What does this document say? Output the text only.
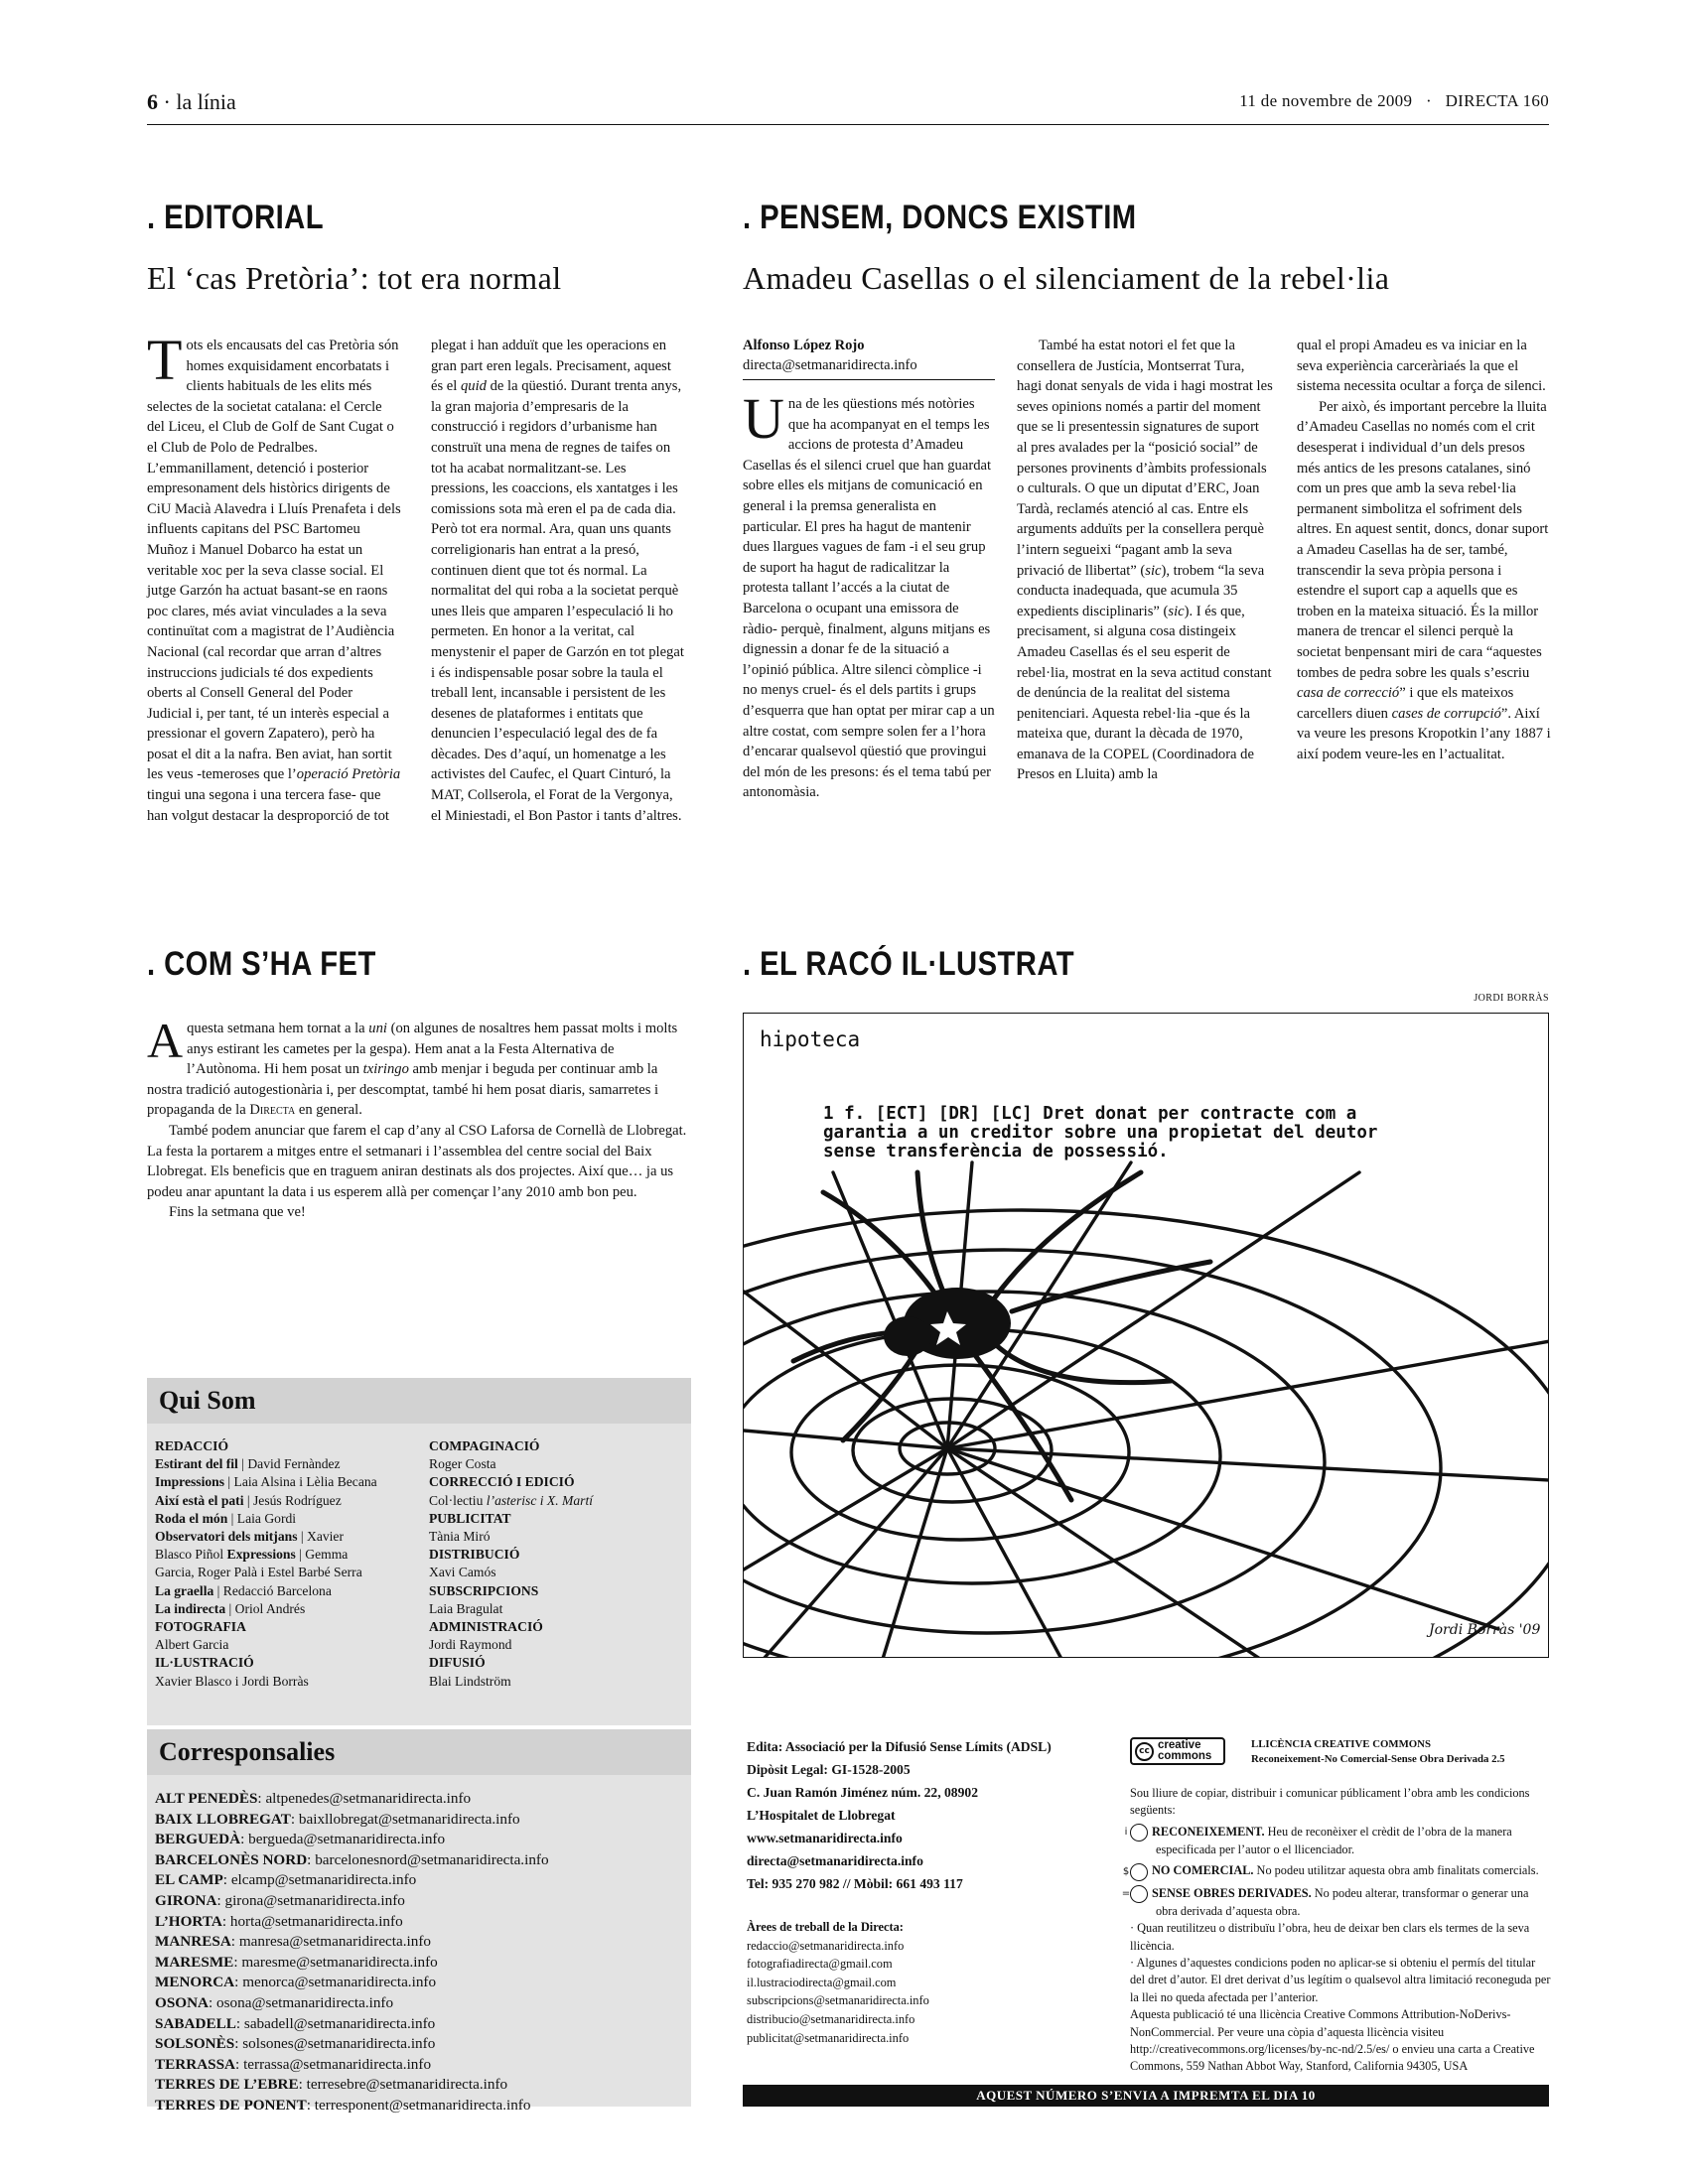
6 · la línia	11 de novembre de 2009 · DIRECTA 160
. EDITORIAL
El ‘cas Pretòria’: tot era normal
Tots els encausats del cas Pretòria són homes exquisidament encorbatats i clients habituals de les elits més selectes de la societat catalana: el Cercle del Liceu, el Club de Golf de Sant Cugat o el Club de Polo de Pedralbes. L’emmanillament, detenció i posterior empresonament dels històrics dirigents de CiU Macià Alavedra i Lluís Prenafeta i dels influents capitans del PSC Bartomeu Muñoz i Manuel Dobarco ha estat un veritable xoc per la seva classe social. El jutge Garzón ha actuat basant-se en raons poc clares, més aviat vinculades a la seva continuïtat com a magistrat de l’Audiència Nacional (cal recordar que arran d’altres instruccions judicials té dos expedients oberts al Consell General del Poder Judicial i, per tant, té un interès especial a pressionar el govern Zapatero), però ha posat el dit a la nafra. Ben aviat, han sortit les veus -temeroses que l’operació Pretòria tingui una segona i una tercera fase- que han volgut destacar la desproporció de tot
plegat i han adduït que les operacions en gran part eren legals. Precisament, aquest és el quid de la qüestió. Durant trenta anys, la gran majoria d’empresaris de la construcció i regidors d’urbanisme han construït una mena de regnes de taifes on tot ha acabat normalitzant-se. Les pressions, les coaccions, els xantatges i les comissions sota mà eren el pa de cada dia. Però tot era normal. Ara, quan uns quants correligionaris han entrat a la presó, continuen dient que tot és normal. La normalitat del qui roba a la societat perquè unes lleis que amparen l’especulació li ho permeten. En honor a la veritat, cal menystenir el paper de Garzón en tot plegat i és indispensable posar sobre la taula el treball lent, incansable i persistent de les desenes de plataformes i entitats que denuncien l’especulació legal des de fa dècades. Des d’aquí, un homenatge a les activistes del Caufec, el Quart Cinturó, la MAT, Collserola, el Forat de la Vergonya, el Miniestadi, el Bon Pastor i tants d’altres.
. PENSEM, DONCS EXISTIM
Amadeu Casellas o el silenciament de la rebel·lia
Alfonso López Rojo
directa@setmanaridirecta.info
Una de les qüestions més notòries que ha acompanyat en el temps les accions de protesta d’Amadeu Casellas és el silenci cruel que han guardat sobre elles els mitjans de comunicació en general i la premsa generalista en particular. El pres ha hagut de mantenir dues llargues vagues de fam -i el seu grup de suport ha hagut de radicalitzar la protesta tallant l’accés a la ciutat de Barcelona o ocupant una emissora de ràdio- perquè, finalment, alguns mitjans es dignessin a donar fe de la situació a l’opinió pública. Altre silenci còmplice -i no menys cruel- és el dels partits i grups d’esquerra que han optat per mirar cap a un altre costat, com sempre solen fer a l’hora d’encarar qualsevol qüestió que provingui del món de les presons: és el tema tabú per antonomàsia.

També ha estat notori el fet que la consellera de Justícia, Montserrat Tura, hagi donat senyals de vida i hagi mostrat les seves opinions només a partir del moment que se li presentessin signatures de suport al pres avalades per la “posició social” de persones provinents d’àmbits professionals o culturals. O que un diputat d’ERC, Joan Tardà, reclamés atenció al cas. Entre els arguments adduïts per la consellera perquè l’intern segueixi “pagant amb la seva privació de llibertat” (sic), trobem “la seva conducta inadequada, que acumula 35 expedients disciplinaris” (sic). I és que, precisament, si alguna cosa distingeix Amadeu Casellas és el seu esperit de rebel·lia, mostrat en la seva actitud constant de denúncia de la realitat del sistema penitenciari. Aquesta rebel·lia -que és la mateixa que, durant la dècada de 1970, emanava de la COPEL (Coordinadora de Presos en Lluita) amb la

qual el propi Amadeu es va iniciar en la seva experiència carceràriaés la que el sistema necessita ocultar a força de silenci.

Per això, és important percebre la lluita d’Amadeu Casellas no només com el crit desesperat i individual d’un dels presos més antics de les presons catalanes, sinó com un pres que amb la seva rebel·lia permanent simbolitza el sofriment dels altres. En aquest sentit, doncs, donar suport a Amadeu Casellas ha de ser, també, transcendir la seva pròpia persona i estendre el suport cap a aquells que es troben en la mateixa situació. És la millor manera de trencar el silenci perquè la societat benpensant miri de cara “aquestes tombes de pedra sobre les quals s’escriu casa de correcció” i que els mateixos carcellers diuen cases de corrupció”. Així va veure les presons Kropotkin l’any 1887 i així podem veure-les en l’actualitat.

. COM S’HA FET

Aquesta setmana hem tornat a la uni (on algunes de nosaltres hem passat molts i molts anys estirant les cametes per la gespa). Hem anat a la Festa Alternativa de l’Autònoma. Hi hem posat un txiringo amb menjar i beguda per continuar amb la nostra tradició autogestionària i, per descomptat, també hi hem posat diaris, samarretes i propaganda de la Directa en general.

També podem anunciar que farem el cap d’any al CSO Laforsa de Cornellà de Llobregat. La festa la portarem a mitges entre el setmanari i l’assemblea del centre social del Baix Llobregat. Els beneficis que en traguem aniran destinats als dos projectes. Així que… ja us podeu anar apuntant la data i us esperem allà per començar l’any 2010 amb bon peu.

Fins la setmana que ve!

. EL RACÓ IL·LUSTRAT
JORDI BORRÀS
hipoteca
1 f. [ECT] [DR] [LC] Dret donat per contracte com a
garantia a un creditor sobre una propietat del deutor
sense transferència de possessió.
Jordi Borràs '09
Qui Som
REDACCIÓ
Estirant del fil | David Fernàndez
Impressions | Laia Alsina i Lèlia Becana
Així està el pati | Jesús Rodríguez
Roda el món | Laia Gordi
Observatori dels mitjans | Xavier
Blasco Piñol Expressions | Gemma
Garcia, Roger Palà i Estel Barbé Serra
La graella | Redacció Barcelona
La indirecta | Oriol Andrés
FOTOGRAFIA
Albert Garcia
IL·LUSTRACIÓ
Xavier Blasco i Jordi Borràs
COMPAGINACIÓ
Roger Costa
CORRECCIÓ I EDICIÓ
Col·lectiu l’asterisc i X. Martí
PUBLICITAT
Tània Miró
DISTRIBUCIÓ
Xavi Camós
SUBSCRIPCIONS
Laia Bragulat
ADMINISTRACIÓ
Jordi Raymond
DIFUSIÓ
Blai Lindström
Corresponsalies
ALT PENEDÈS: altpenedes@setmanaridirecta.info
BAIX LLOBREGAT: baixllobregat@setmanaridirecta.info
BERGUEDÀ: bergueda@setmanaridirecta.info
BARCELONÈS NORD: barcelonesnord@setmanaridirecta.info
EL CAMP: elcamp@setmanaridirecta.info
GIRONA: girona@setmanaridirecta.info
L’HORTA: horta@setmanaridirecta.info
MANRESA: manresa@setmanaridirecta.info
MARESME: maresme@setmanaridirecta.info
MENORCA: menorca@setmanaridirecta.info
OSONA: osona@setmanaridirecta.info
SABADELL: sabadell@setmanaridirecta.info
SOLSONÈS: solsones@setmanaridirecta.info
TERRASSA: terrassa@setmanaridirecta.info
TERRES DE L’EBRE: terresebre@setmanaridirecta.info
TERRES DE PONENT: terresponent@setmanaridirecta.info
Edita: Associació per la Difusió Sense Límits (ADSL)
Dipòsit Legal: GI-1528-2005
C. Juan Ramón Jiménez núm. 22, 08902
L’Hospitalet de Llobregat
www.setmanaridirecta.info
directa@setmanaridirecta.info
Tel: 935 270 982 // Mòbil: 661 493 117
Àrees de treball de la Directa:
redaccio@setmanaridirecta.info
fotografiadirecta@gmail.com
il.lustraciodirecta@gmail.com
subscripcions@setmanaridirecta.info
distribucio@setmanaridirecta.info
publicitat@setmanaridirecta.info
cc creative commons
LLICÈNCIA CREATIVE COMMONS
Reconeixement-No Comercial-Sense Obra Derivada 2.5
Sou lliure de copiar, distribuir i comunicar públicament l’obra amb les condicions següents:
i RECONEIXEMENT. Heu de reconèixer el crèdit de l’obra de la manera especificada per l’autor o el llicenciador.
$ NO COMERCIAL. No podeu utilitzar aquesta obra amb finalitats comercials.
= SENSE OBRES DERIVADES. No podeu alterar, transformar o generar una obra derivada d’aquesta obra.
· Quan reutilitzeu o distribuïu l’obra, heu de deixar ben clars els termes de la seva llicència.
· Algunes d’aquestes condicions poden no aplicar-se si obteniu el permís del titular del dret d’autor. El dret derivat d’us legítim o qualsevol altra limitació reconeguda per la llei no queda afectada per l’anterior.
Aquesta publicació té una llicència Creative Commons Attribution-NoDerivs- NonCommercial. Per veure una còpia d’aquesta llicència visiteu http://creativecommons.org/licenses/by-nc-nd/2.5/es/ o envieu una carta a Creative Commons, 559 Nathan Abbot Way, Stanford, California 94305, USA
AQUEST NÚMERO S’ENVIA A IMPREMTA EL DIA 10
